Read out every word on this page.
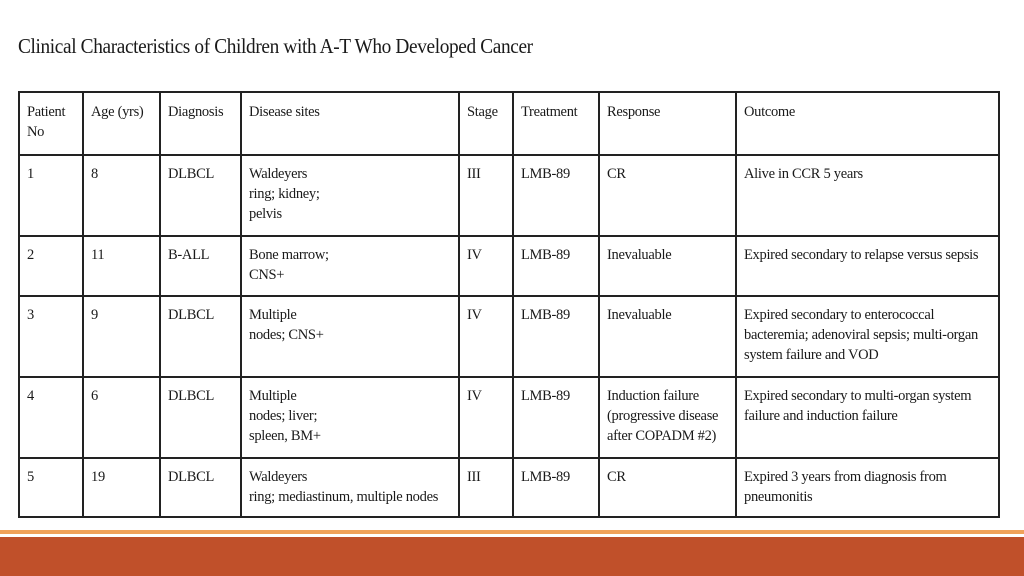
Clinical Characteristics of Children with A-T Who Developed Cancer
Patient
No	Age (yrs)	Diagnosis	Disease sites	Stage	Treatment	Response	Outcome
1	8	DLBCL	Waldeyers
ring; kidney;
pelvis	III	LMB-89	CR	Alive in CCR 5 years
2	11	B-ALL	Bone marrow;
CNS+	IV	LMB-89	Inevaluable	Expired secondary to relapse versus sepsis
3	9	DLBCL	Multiple
nodes; CNS+	IV	LMB-89	Inevaluable	Expired secondary to enterococcal
bacteremia; adenoviral sepsis; multi-organ
system failure and VOD
4	6	DLBCL	Multiple
nodes; liver;
spleen, BM+	IV	LMB-89	Induction failure
(progressive disease
after COPADM #2)	Expired secondary to multi-organ system
failure and induction failure
5	19	DLBCL	Waldeyers
ring; mediastinum, multiple nodes	III	LMB-89	CR	Expired 3 years from diagnosis from
pneumonitis
